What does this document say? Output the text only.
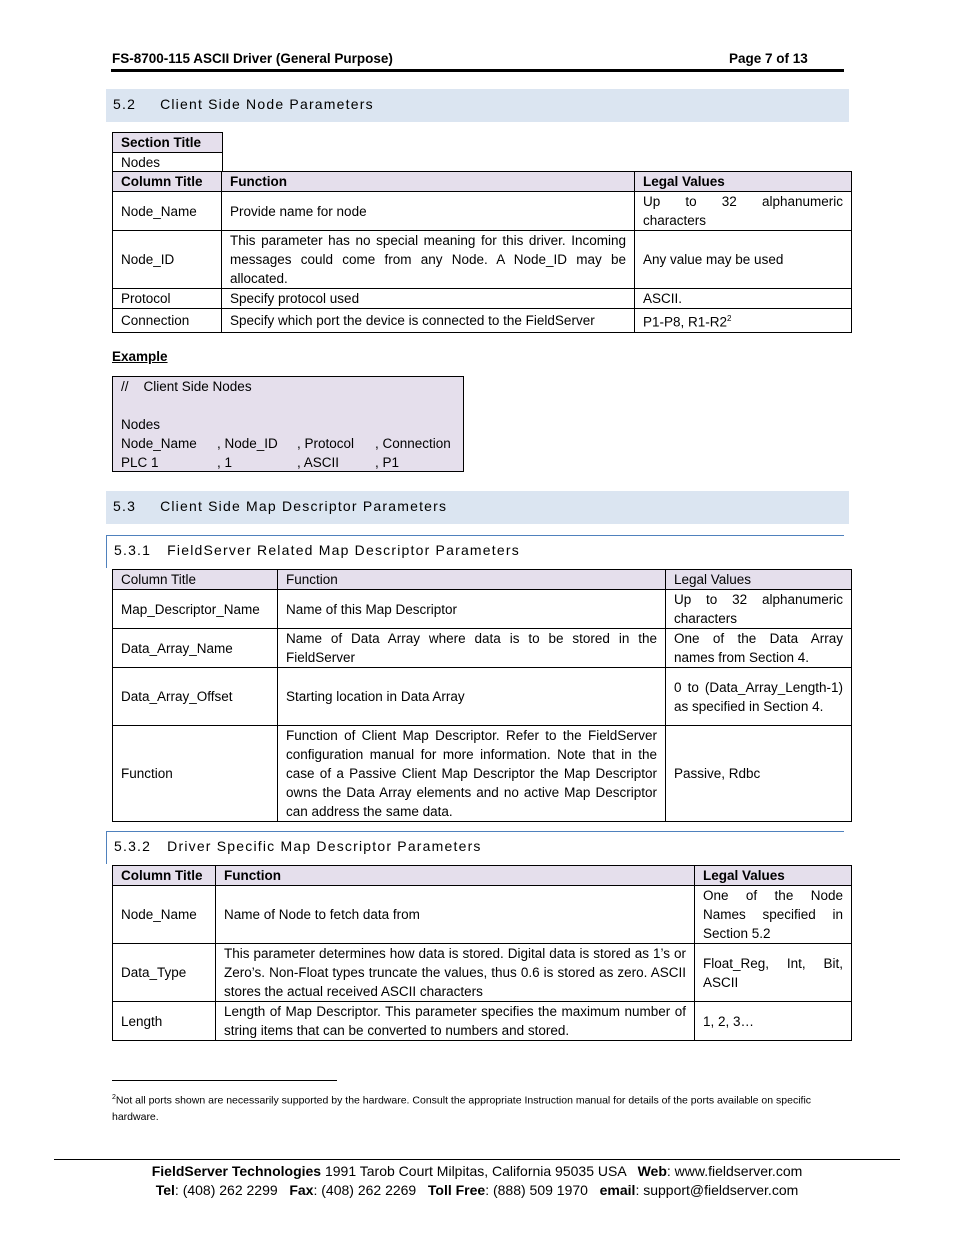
FS-8700-115 ASCII Driver (General Purpose)	Page 7 of 13
5.2 Client Side Node Parameters
Section Title
Nodes
Column Title	Function	Legal Values
Node_Name	Provide name for node	Up to 32 alphanumeric characters
Node_ID	This parameter has no special meaning for this driver. Incoming messages could come from any Node. A Node_ID may be allocated.	Any value may be used
Protocol	Specify protocol used	ASCII.
Connection	Specify which port the device is connected to the FieldServer	P1-P8, $R1-R2^2$
Example
//    Client Side Nodes
Nodes
Node_Name , Node_ID , Protocol , Connection
PLC 1	, 1	, ASCII	, P1
5.3 Client Side Map Descriptor Parameters
5.3.1 FieldServer Related Map Descriptor Parameters
Column Title	Function	Legal Values
Map_Descriptor_Name	Name of this Map Descriptor	Up to 32 alphanumeric characters
Data_Array_Name	Name of Data Array where data is to be stored in the FieldServer	One of the Data Array names from Section 4.
Data_Array_Offset	Starting location in Data Array	0 to (Data_Array_Length-1) as specified in Section 4.
Function	Function of Client Map Descriptor. Refer to the FieldServer configuration manual for more information. Note that in the case of a Passive Client Map Descriptor the Map Descriptor owns the Data Array elements and no active Map Descriptor can address the same data.	Passive, Rdbc
5.3.2 Driver Specific Map Descriptor Parameters
Column Title	Function	Legal Values
Node_Name	Name of Node to fetch data from	One of the Node Names specified in Section 5.2
Data_Type	This parameter determines how data is stored. Digital data is stored as 1’s or Zero’s. Non-Float types truncate the values, thus 0.6 is stored as zero. ASCII stores the actual received ASCII characters	Float_Reg, Int, Bit, ASCII
Length	Length of Map Descriptor. This parameter specifies the maximum number of string items that can be converted to numbers and stored.	1, 2, 3…
$^2$Not all ports shown are necessarily supported by the hardware. Consult the appropriate Instruction manual for details of the ports available on specific hardware.
FieldServer Technologies 1991 Tarob Court Milpitas, California 95035 USA   Web: www.fieldserver.com
Tel: (408) 262 2299   Fax: (408) 262 2269   Toll Free: (888) 509 1970   email: support@fieldserver.com
